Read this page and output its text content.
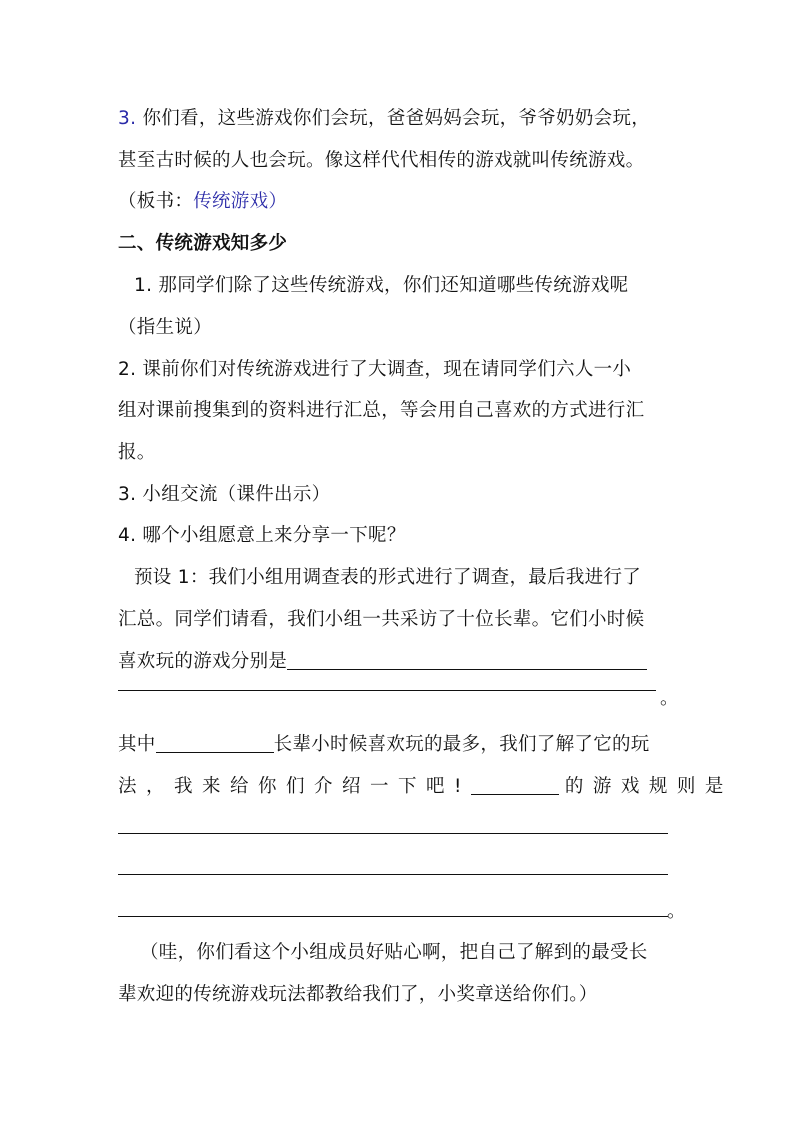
3. 你们看，这些游戏你们会玩，爸爸妈妈会玩，爷爷奶奶会玩，
甚至古时候的人也会玩。像这样代代相传的游戏就叫传统游戏。
（板书：传统游戏）
二、传统游戏知多少
1. 那同学们除了这些传统游戏，你们还知道哪些传统游戏呢
（指生说）
2. 课前你们对传统游戏进行了大调查，现在请同学们六人一小
组对课前搜集到的资料进行汇总，等会用自己喜欢的方式进行汇
报。
3. 小组交流（课件出示）
4. 哪个小组愿意上来分享一下呢？
预设 1：我们小组用调查表的形式进行了调查，最后我进行了
汇总。同学们请看，我们小组一共采访了十位长辈。它们小时候
喜欢玩的游戏分别是
。
其中	长辈小时候喜欢玩的最多，我们了解了它的玩
法，我来给你们介绍一下吧!	的游戏规则是
。
（哇，你们看这个小组成员好贴心啊，把自己了解到的最受长
辈欢迎的传统游戏玩法都教给我们了，小奖章送给你们。）
